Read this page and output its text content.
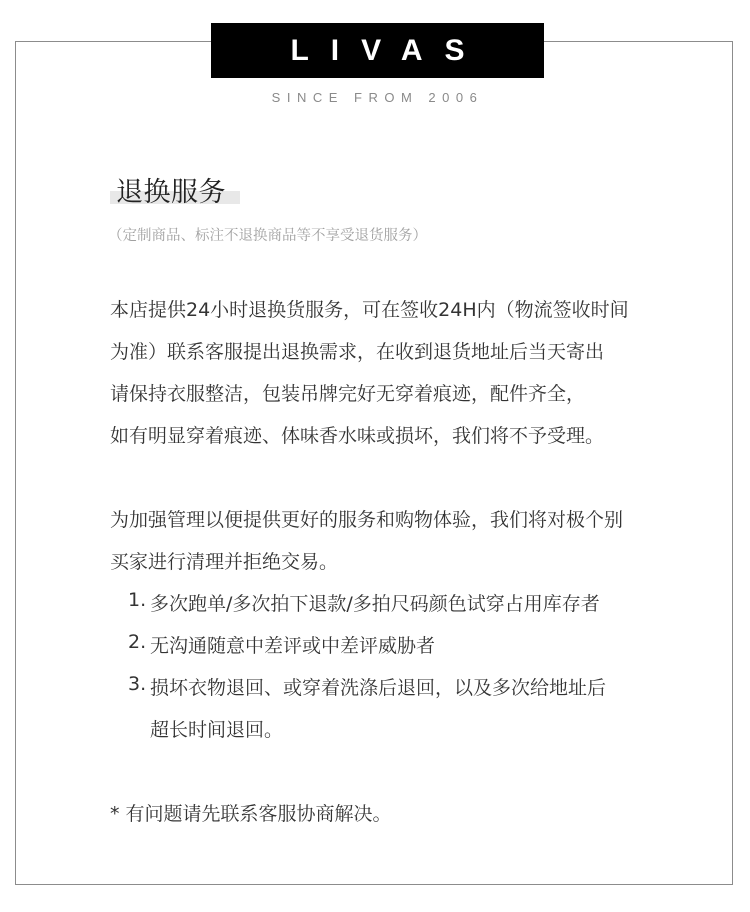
LIVAS
SINCE FROM 2006
退换服务
（定制商品、标注不退换商品等不享受退货服务）
本店提供24小时退换货服务，可在签收24H内（物流签收时间
为准）联系客服提出退换需求，在收到退货地址后当天寄出
请保持衣服整洁，包装吊牌完好无穿着痕迹，配件齐全，
如有明显穿着痕迹、体味香水味或损坏，我们将不予受理。
为加强管理以便提供更好的服务和购物体验，我们将对极个别
买家进行清理并拒绝交易。
1. 多次跑单/多次拍下退款/多拍尺码颜色试穿占用库存者
2. 无沟通随意中差评或中差评威胁者
3. 损坏衣物退回、或穿着洗涤后退回，以及多次给地址后
超长时间退回。
* 有问题请先联系客服协商解决。
